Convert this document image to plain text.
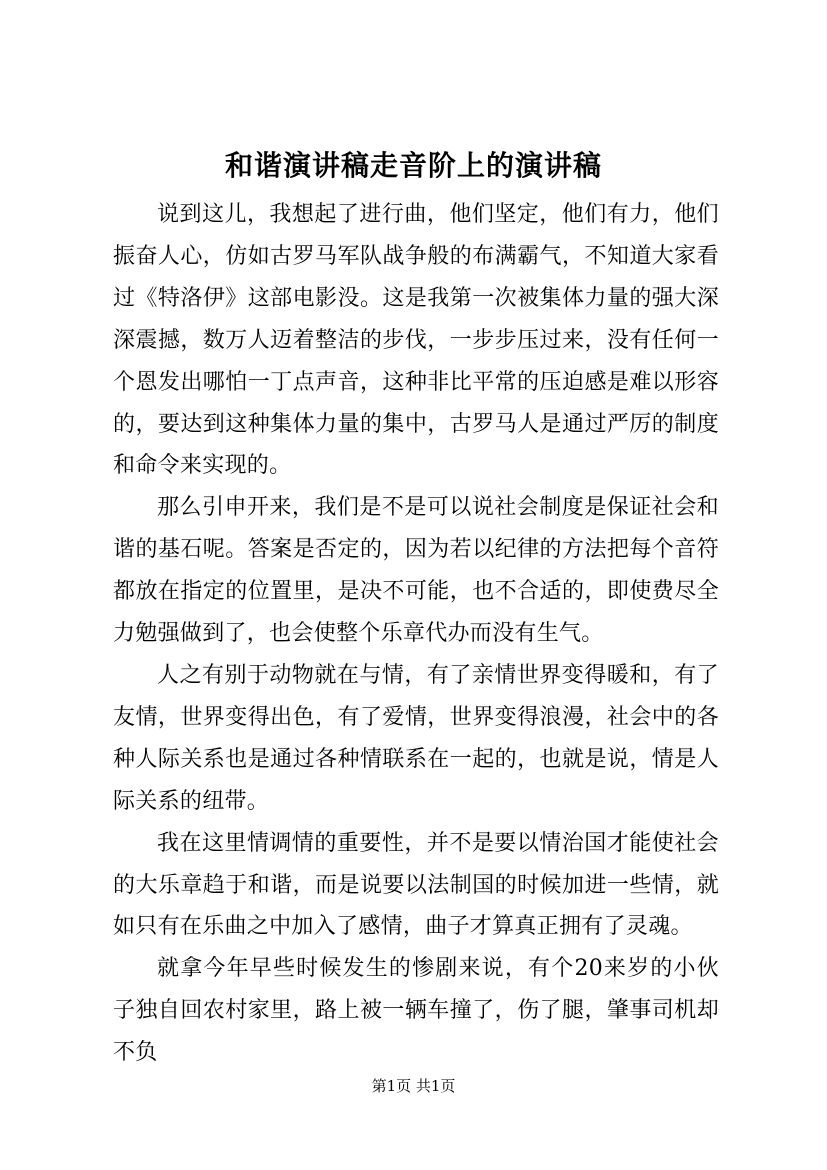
和谐演讲稿走音阶上的演讲稿

说到这儿，我想起了进行曲，他们坚定，他们有力，他们振奋人心，仿如古罗马军队战争般的布满霸气，不知道大家看过《特洛伊》这部电影没。这是我第一次被集体力量的强大深深震撼，数万人迈着整洁的步伐，一步步压过来，没有任何一个恩发出哪怕一丁点声音，这种非比平常的压迫感是难以形容的，要达到这种集体力量的集中，古罗马人是通过严厉的制度和命令来实现的。

那么引申开来，我们是不是可以说社会制度是保证社会和谐的基石呢。答案是否定的，因为若以纪律的方法把每个音符都放在指定的位置里，是决不可能，也不合适的，即使费尽全力勉强做到了，也会使整个乐章代办而没有生气。

人之有别于动物就在与情，有了亲情世界变得暖和，有了友情，世界变得出色，有了爱情，世界变得浪漫，社会中的各种人际关系也是通过各种情联系在一起的，也就是说，情是人际关系的纽带。

我在这里情调情的重要性，并不是要以情治国才能使社会的大乐章趋于和谐，而是说要以法制国的时候加进一些情，就如只有在乐曲之中加入了感情，曲子才算真正拥有了灵魂。

就拿今年早些时候发生的惨剧来说，有个20来岁的小伙子独自回农村家里，路上被一辆车撞了，伤了腿，肇事司机却不负

第1页 共1页
